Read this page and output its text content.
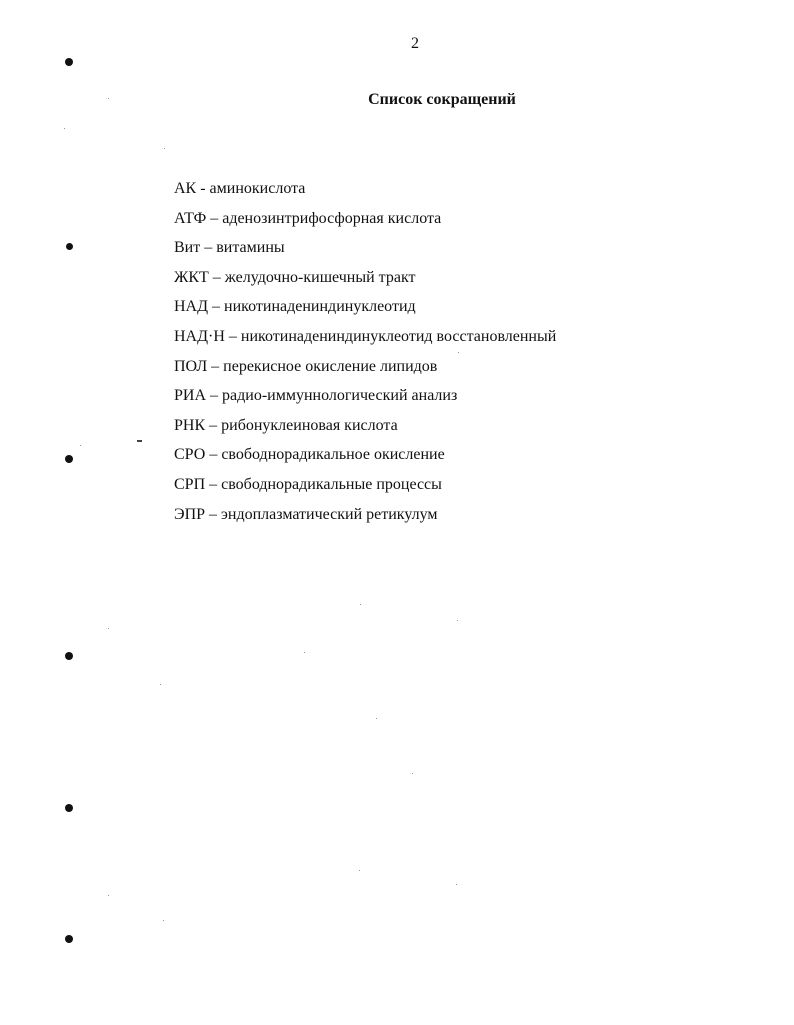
2
Список сокращений
АК - аминокислота
АТФ – аденозинтрифосфорная кислота
Вит – витамины
ЖКТ – желудочно-кишечный тракт
НАД – никотинадениндинуклеотид
НАД·Н – никотинадениндинуклеотид восстановленный
ПОЛ – перекисное окисление липидов
РИА – радио-иммуннологический анализ
РНК – рибонуклеиновая кислота
СРО – свободнорадикальное окисление
СРП – свободнорадикальные процессы
ЭПР – эндоплазматический ретикулум
